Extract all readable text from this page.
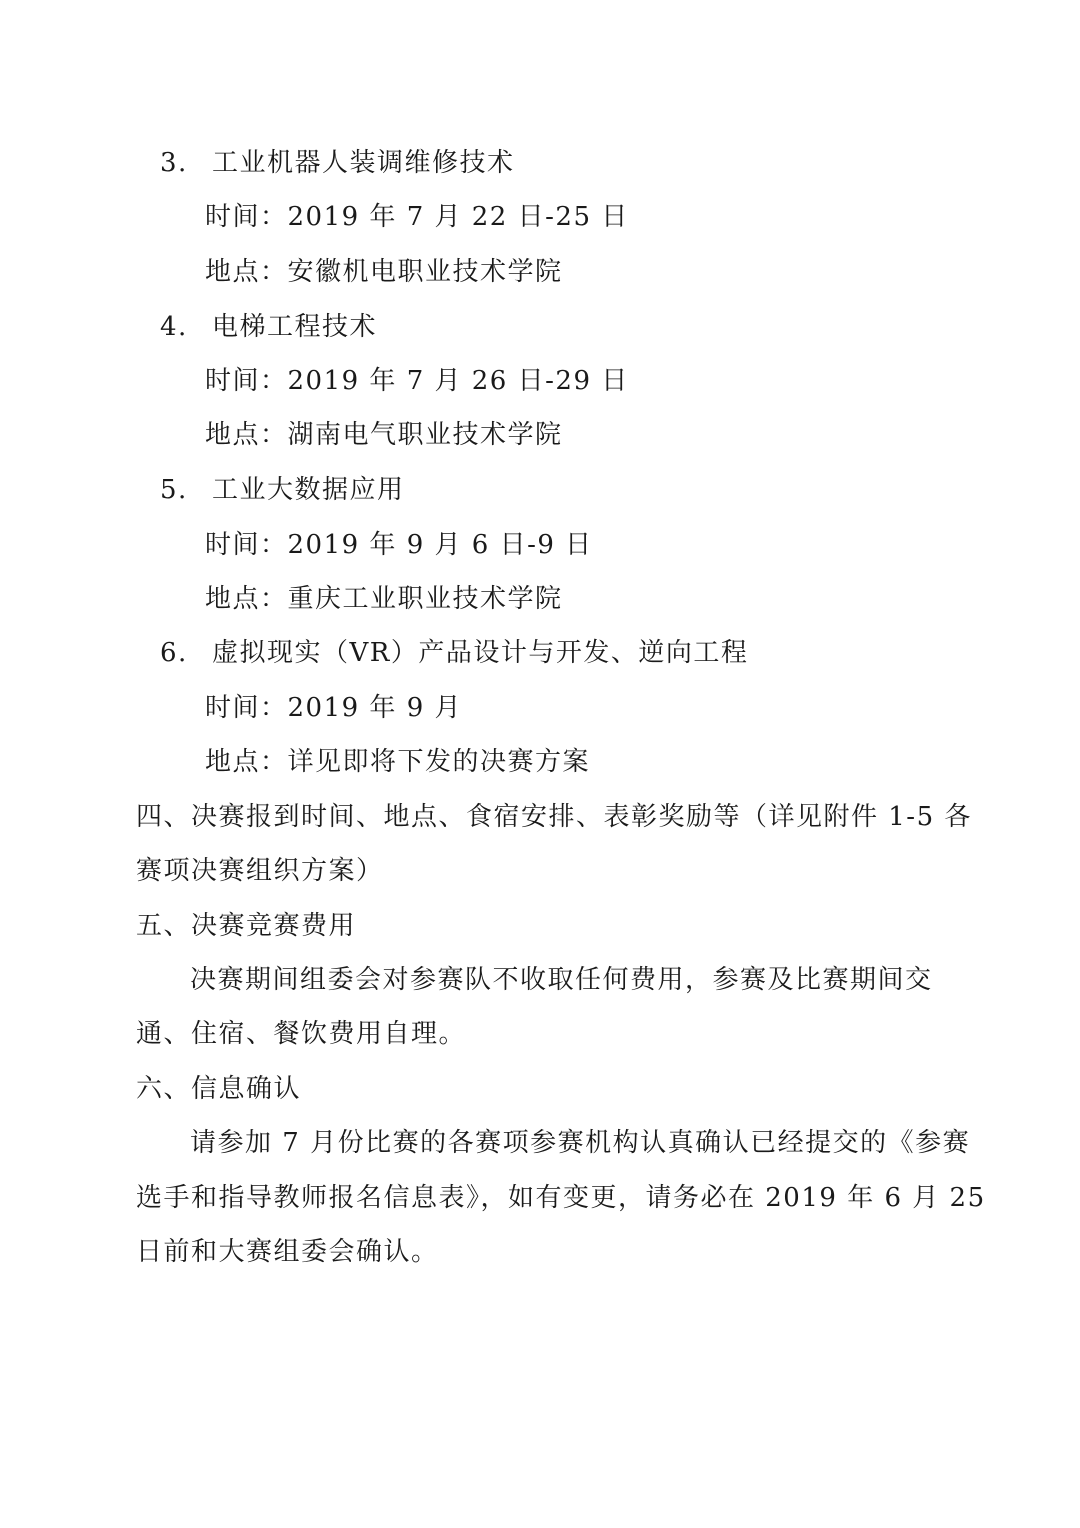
3. 工业机器人装调维修技术
时间：2019 年 7 月 22 日-25 日
地点：安徽机电职业技术学院
4. 电梯工程技术
时间：2019 年 7 月 26 日-29 日
地点：湖南电气职业技术学院
5. 工业大数据应用
时间：2019 年 9 月 6 日-9 日
地点：重庆工业职业技术学院
6. 虚拟现实（VR）产品设计与开发、逆向工程
时间：2019 年 9 月
地点：详见即将下发的决赛方案
四、决赛报到时间、地点、食宿安排、表彰奖励等（详见附件 1-5 各
赛项决赛组织方案）
五、决赛竞赛费用
决赛期间组委会对参赛队不收取任何费用，参赛及比赛期间交
通、住宿、餐饮费用自理。
六、信息确认
请参加 7 月份比赛的各赛项参赛机构认真确认已经提交的《参赛
选手和指导教师报名信息表》，如有变更，请务必在 2019 年 6 月 25
日前和大赛组委会确认。
